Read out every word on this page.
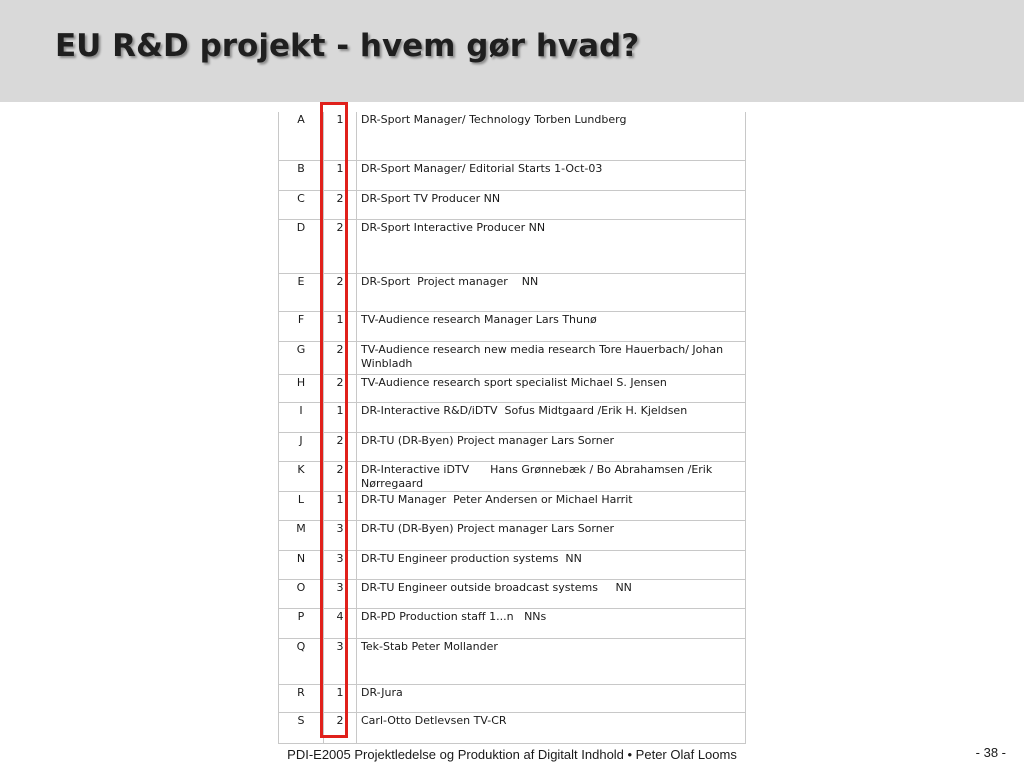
EU R&D projekt - hvem gør hvad?
A	1	DR-Sport Manager/ Technology Torben Lundberg
B	1	DR-Sport Manager/ Editorial Starts 1-Oct-03
C	2	DR-Sport TV Producer NN
D	2	DR-Sport Interactive Producer NN
E	2	DR-Sport  Project manager    NN
F	1	TV-Audience research Manager Lars Thunø
G	2	TV-Audience research new media research Tore Hauerbach/ Johan Winbladh
H	2	TV-Audience research sport specialist Michael S. Jensen
I	1	DR-Interactive R&D/iDTV  Sofus Midtgaard /Erik H. Kjeldsen
J	2	DR-TU (DR-Byen) Project manager Lars Sorner
K	2	DR-Interactive iDTV      Hans Grønnebæk / Bo Abrahamsen /Erik Nørregaard
L	1	DR-TU Manager  Peter Andersen or Michael Harrit
M	3	DR-TU (DR-Byen) Project manager Lars Sorner
N	3	DR-TU Engineer production systems  NN
O	3	DR-TU Engineer outside broadcast systems     NN
P	4	DR-PD Production staff 1...n   NNs
Q	3	Tek-Stab Peter Mollander
R	1	DR-Jura
S	2	Carl-Otto Detlevsen TV-CR
PDI-E2005 Projektledelse og Produktion af Digitalt Indhold • Peter Olaf Looms	- 38 -
